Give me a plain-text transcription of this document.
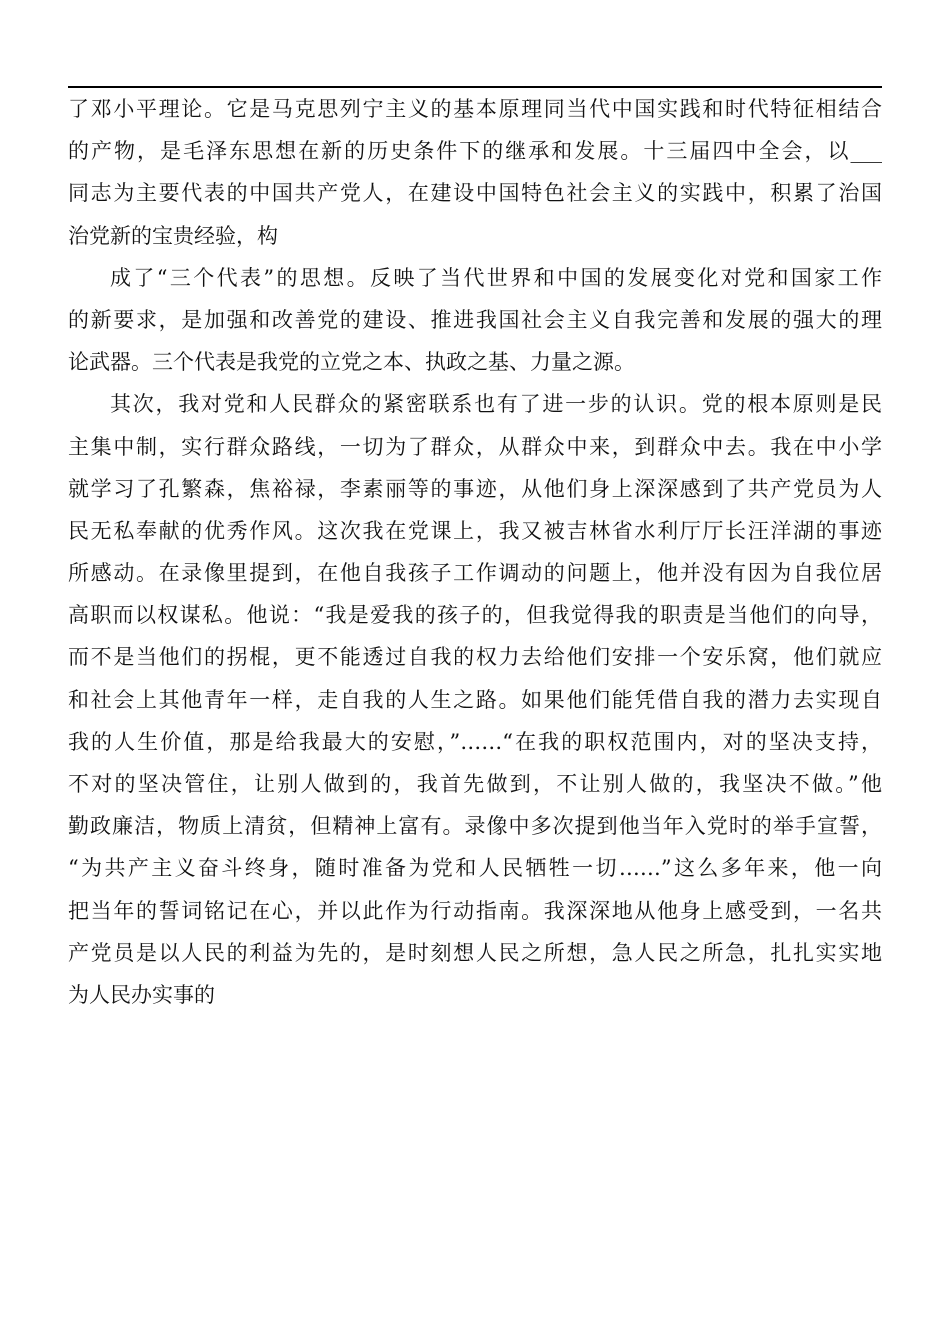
了邓小平理论。它是马克思列宁主义的基本原理同当代中国实践和时代特征相结合
的产物，是毛泽东思想在新的历史条件下的继承和发展。十三届四中全会，以___
同志为主要代表的中国共产党人，在建设中国特色社会主义的实践中，积累了治国
治党新的宝贵经验，构
成了“三个代表”的思想。反映了当代世界和中国的发展变化对党和国家工作
的新要求，是加强和改善党的建设、推进我国社会主义自我完善和发展的强大的理
论武器。三个代表是我党的立党之本、执政之基、力量之源。
其次，我对党和人民群众的紧密联系也有了进一步的认识。党的根本原则是民
主集中制，实行群众路线，一切为了群众，从群众中来，到群众中去。我在中小学
就学习了孔繁森，焦裕禄，李素丽等的事迹，从他们身上深深感到了共产党员为人
民无私奉献的优秀作风。这次我在党课上，我又被吉林省水利厅厅长汪洋湖的事迹
所感动。在录像里提到，在他自我孩子工作调动的问题上，他并没有因为自我位居
高职而以权谋私。他说：“我是爱我的孩子的，但我觉得我的职责是当他们的向导，
而不是当他们的拐棍，更不能透过自我的权力去给他们安排一个安乐窝，他们就应
和社会上其他青年一样，走自我的人生之路。如果他们能凭借自我的潜力去实现自
我的人生价值，那是给我最大的安慰，”……“在我的职权范围内，对的坚决支持，
不对的坚决管住，让别人做到的，我首先做到，不让别人做的，我坚决不做。”他
勤政廉洁，物质上清贫，但精神上富有。录像中多次提到他当年入党时的举手宣誓，
“为共产主义奋斗终身，随时准备为党和人民牺牲一切……”这么多年来，他一向
把当年的誓词铭记在心，并以此作为行动指南。我深深地从他身上感受到，一名共
产党员是以人民的利益为先的，是时刻想人民之所想，急人民之所急，扎扎实实地
为人民办实事的
